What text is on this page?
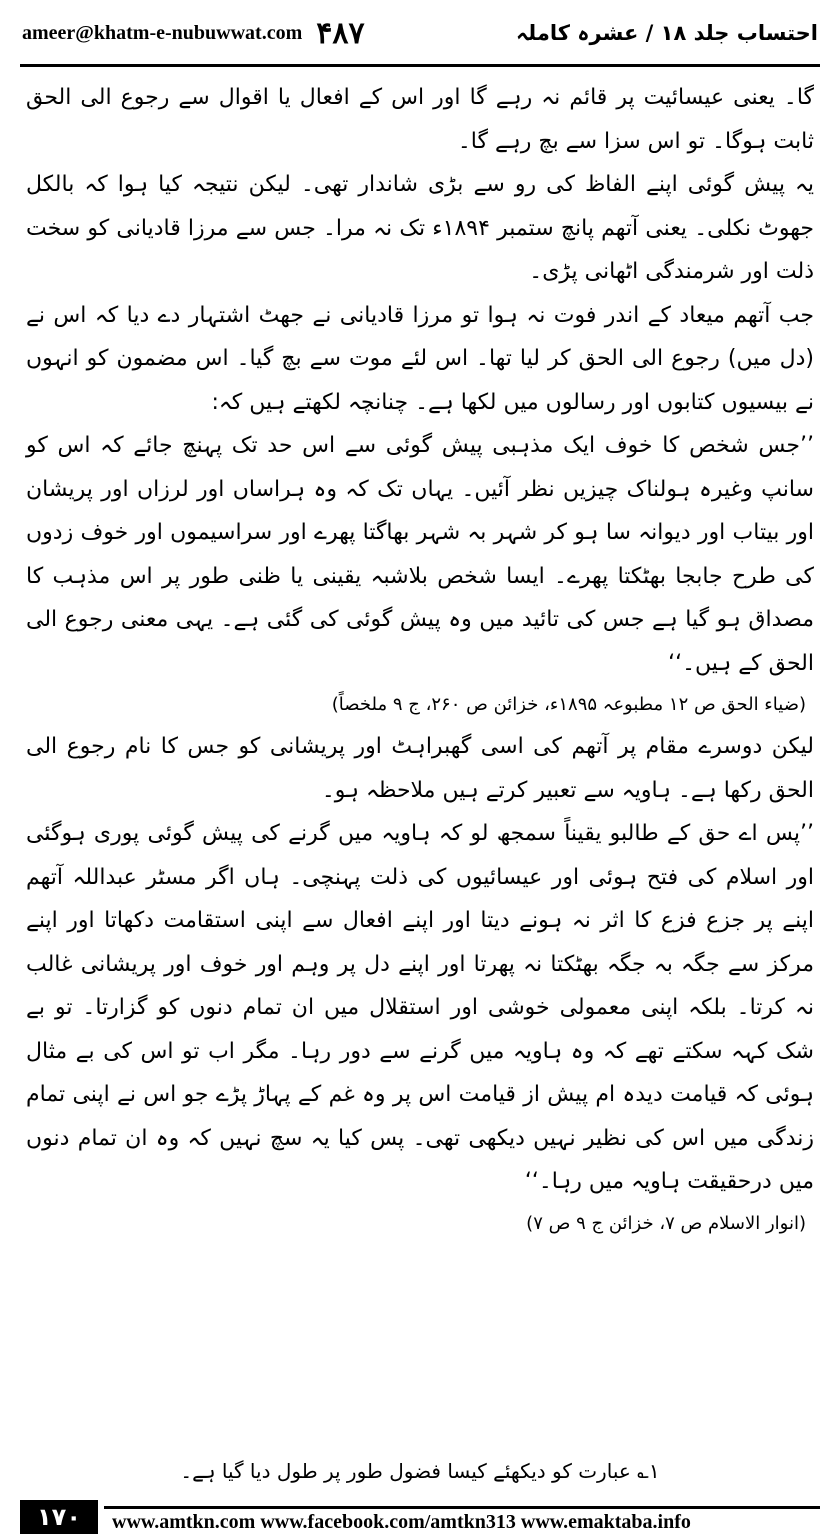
ameer@khatm-e-nubuwwat.com ۴۸۷	احتساب جلد ۱۸ / عشرہ کاملہ

گا۔ یعنی عیسائیت پر قائم نہ رہے گا اور اس کے افعال یا اقوال سے رجوع الی الحق ثابت ہوگا۔ تو اس سزا سے بچ رہے گا۔

یہ پیش گوئی اپنے الفاظ کی رو سے بڑی شاندار تھی۔ لیکن نتیجہ کیا ہوا کہ بالکل جھوٹ نکلی۔ یعنی آتھم پانچ ستمبر ۱۸۹۴ء تک نہ مرا۔ جس سے مرزا قادیانی کو سخت ذلت اور شرمندگی اٹھانی پڑی۔

جب آتھم میعاد کے اندر فوت نہ ہوا تو مرزا قادیانی نے جھٹ اشتہار دے دیا کہ اس نے (دل میں) رجوع الی الحق کر لیا تھا۔ اس لئے موت سے بچ گیا۔ اس مضمون کو انہوں نے بیسیوں کتابوں اور رسالوں میں لکھا ہے۔ چنانچہ لکھتے ہیں کہ:

’’جس شخص کا خوف ایک مذہبی پیش گوئی سے اس حد تک پہنچ جائے کہ اس کو سانپ وغیرہ ہولناک چیزیں نظر آئیں۔ یہاں تک کہ وہ ہراساں اور لرزاں اور پریشان اور بیتاب اور دیوانہ سا ہو کر شہر بہ شہر بھاگتا پھرے اور سراسیموں اور خوف زدوں کی طرح جابجا بھٹکتا پھرے۔ ایسا شخص بلاشبہ یقینی یا ظنی طور پر اس مذہب کا مصداق ہو گیا ہے جس کی تائید میں وہ پیش گوئی کی گئی ہے۔ یہی معنی رجوع الی الحق کے ہیں۔‘‘

(ضیاء الحق ص ۱۲ مطبوعہ ۱۸۹۵ء، خزائن ص ۲۶۰، ج ۹ ملخصاً)

لیکن دوسرے مقام پر آتھم کی اسی گھبراہٹ اور پریشانی کو جس کا نام رجوع الی الحق رکھا ہے۔ ہاویہ سے تعبیر کرتے ہیں ملاحظہ ہو۔

’’پس اے حق کے طالبو یقیناً سمجھ لو کہ ہاویہ میں گرنے کی پیش گوئی پوری ہوگئی اور اسلام کی فتح ہوئی اور عیسائیوں کی ذلت پہنچی۔ ہاں اگر مسٹر عبداللہ آتھم اپنے پر جزع فزع کا اثر نہ ہونے دیتا اور اپنے افعال سے اپنی استقامت دکھاتا اور اپنے مرکز سے جگہ بہ جگہ بھٹکتا نہ پھرتا اور اپنے دل پر وہم اور خوف اور پریشانی غالب نہ کرتا۔ بلکہ اپنی معمولی خوشی اور استقلال میں ان تمام دنوں کو گزارتا۔ تو بے شک کہہ سکتے تھے کہ وہ ہاویہ میں گرنے سے دور رہا۔ مگر اب تو اس کی بے مثال ہوئی کہ قیامت دیدہ ام پیش از قیامت اس پر وہ غم کے پہاڑ پڑے جو اس نے اپنی تمام زندگی میں اس کی نظیر نہیں دیکھی تھی۔ پس کیا یہ سچ نہیں کہ وہ ان تمام دنوں میں درحقیقت ہاویہ میں رہا۔‘‘

(انوار الاسلام ص ۷، خزائن ج ۹ ص ۷)

۱؎ عبارت کو دیکھئے کیسا فضول طور پر طول دیا گیا ہے۔
۱۷۰	www.amtkn.com www.facebook.com/amtkn313 www.emaktaba.info
